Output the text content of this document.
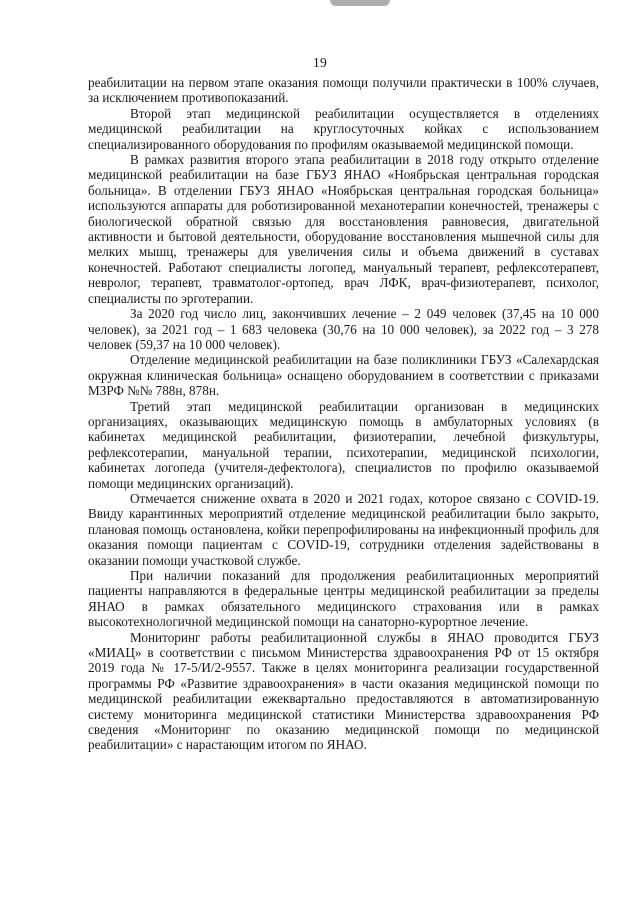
19

реабилитации на первом этапе оказания помощи получили практически в 100% случаев, за исключением противопоказаний.

Второй этап медицинской реабилитации осуществляется в отделениях медицинской реабилитации на круглосуточных койках с использованием специализированного оборудования по профилям оказываемой медицинской помощи.

В рамках развития второго этапа реабилитации в 2018 году открыто отделение медицинской реабилитации на базе ГБУЗ ЯНАО «Ноябрьская центральная городская больница». В отделении ГБУЗ ЯНАО «Ноябрьская центральная городская больница» используются аппараты для роботизированной механотерапии конечностей, тренажеры с биологической обратной связью для восстановления равновесия, двигательной активности и бытовой деятельности, оборудование восстановления мышечной силы для мелких мышц, тренажеры для увеличения силы и объема движений в суставах конечностей. Работают специалисты логопед, мануальный терапевт, рефлексотерапевт, невролог, терапевт, травматолог-ортопед, врач ЛФК, врач-физиотерапевт, психолог, специалисты по эрготерапии.

За 2020 год число лиц, закончивших лечение – 2 049 человек (37,45 на 10 000 человек), за 2021 год – 1 683 человека (30,76 на 10 000 человек), за 2022 год – 3 278 человек (59,37 на 10 000 человек).

Отделение медицинской реабилитации на базе поликлиники ГБУЗ «Салехардская окружная клиническая больница» оснащено оборудованием в соответствии с приказами МЗРФ №№ 788н, 878н.

Третий этап медицинской реабилитации организован в медицинских организациях, оказывающих медицинскую помощь в амбулаторных условиях (в кабинетах медицинской реабилитации, физиотерапии, лечебной физкультуры, рефлексотерапии, мануальной терапии, психотерапии, медицинской психологии, кабинетах логопеда (учителя-дефектолога), специалистов по профилю оказываемой помощи медицинских организаций).

Отмечается снижение охвата в 2020 и 2021 годах, которое связано с COVID-19. Ввиду карантинных мероприятий отделение медицинской реабилитации было закрыто, плановая помощь остановлена, койки перепрофилированы на инфекционный профиль для оказания помощи пациентам с COVID-19, сотрудники отделения задействованы в оказании помощи участковой службе.

При наличии показаний для продолжения реабилитационных мероприятий пациенты направляются в федеральные центры медицинской реабилитации за пределы ЯНАО в рамках обязательного медицинского страхования или в рамках высокотехнологичной медицинской помощи на санаторно-курортное лечение.

Мониторинг работы реабилитационной службы в ЯНАО проводится ГБУЗ «МИАЦ» в соответствии с письмом Министерства здравоохранения РФ от 15 октября 2019 года № 17-5/И/2-9557. Также в целях мониторинга реализации государственной программы РФ «Развитие здравоохранения» в части оказания медицинской помощи по медицинской реабилитации ежеквартально предоставляются в автоматизированную систему мониторинга медицинской статистики Министерства здравоохранения РФ сведения «Мониторинг по оказанию медицинской помощи по медицинской реабилитации» с нарастающим итогом по ЯНАО.
